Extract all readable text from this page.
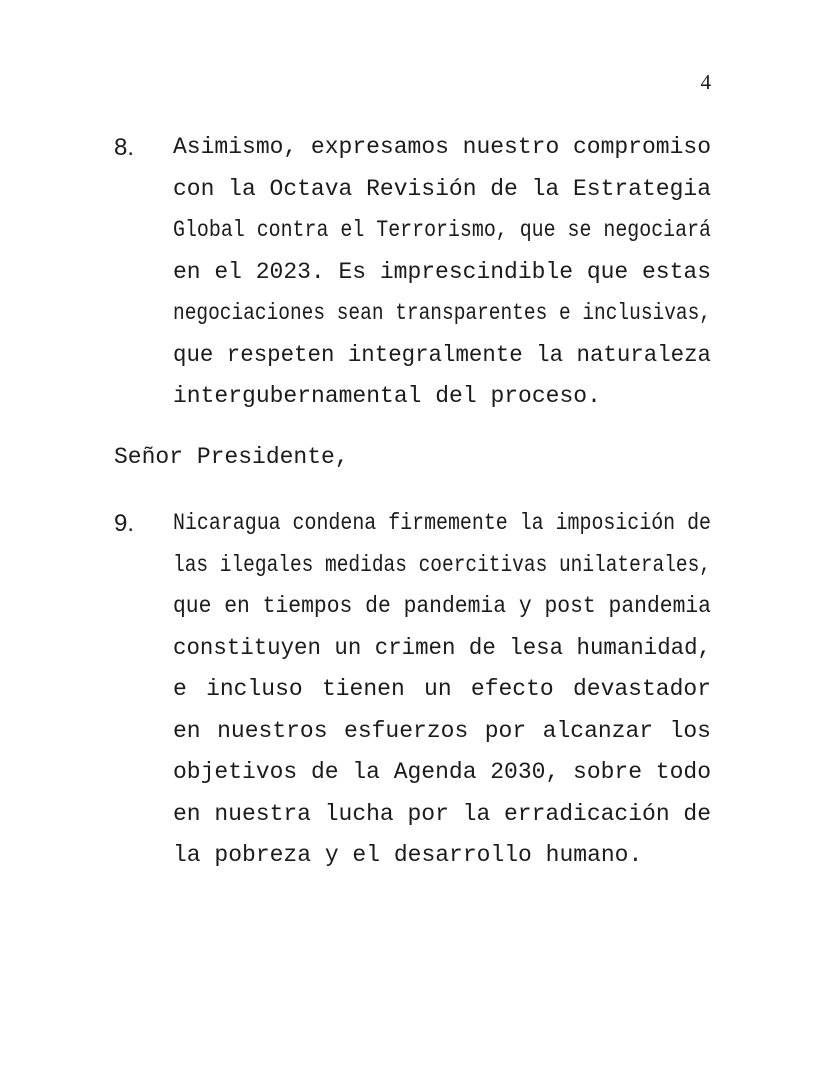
4
8.	Asimismo, expresamos nuestro compromiso
con la Octava Revisión de la Estrategia
Global contra el Terrorismo, que se negociará
en el 2023. Es imprescindible que estas
negociaciones sean transparentes e inclusivas,
que respeten integralmente la naturaleza
intergubernamental del proceso.
Señor Presidente,
9.	Nicaragua condena firmemente la imposición de
las ilegales medidas coercitivas unilaterales,
que en tiempos de pandemia y post pandemia
constituyen un crimen de lesa humanidad,
e incluso tienen un efecto devastador
en nuestros esfuerzos por alcanzar los
objetivos de la Agenda 2030, sobre todo
en nuestra lucha por la erradicación de
la pobreza y el desarrollo humano.
